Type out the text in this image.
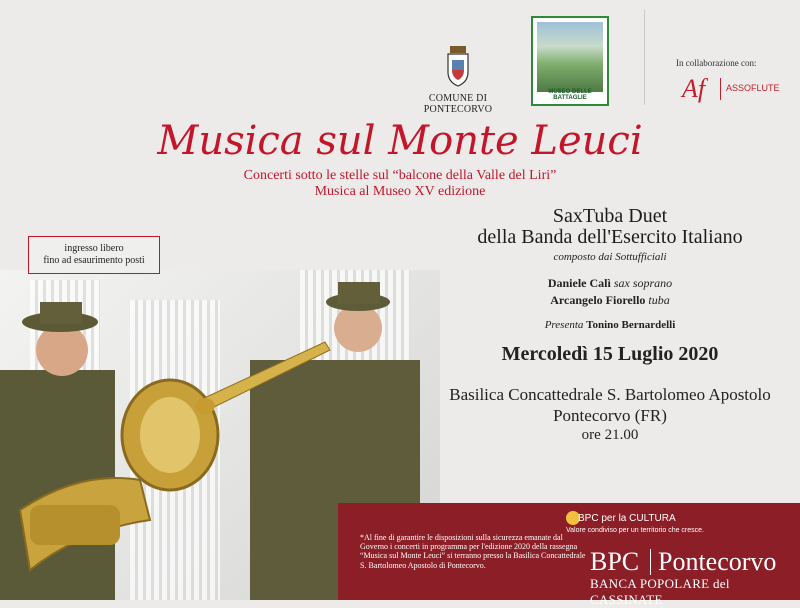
COMUNE DI PONTECORVO
MUSEO DELLE BATTAGLIE
In collaborazione con:
Af ASSOFLUTE
Musica sul Monte Leuci
Concerti sotto le stelle sul “balcone della Valle del Liri”
Musica al Museo XV edizione
ingresso libero
fino ad esaurimento posti
SaxTuba Duet
della Banda dell'Esercito Italiano
composto dai Sottufficiali
Daniele Calì sax soprano
Arcangelo Fiorello tuba
Presenta Tonino Bernardelli
Mercoledì 15 Luglio 2020
Basilica Concattedrale S. Bartolomeo Apostolo
Pontecorvo (FR)
ore 21.00
*Al fine di garantire le disposizioni sulla sicurezza emanate dal Governo i concerti in programma per l'edizione 2020 della rassegna “Musica sul Monte Leuci” si terranno presso la Basilica Concattedrale S. Bartolomeo Apostolo di Pontecorvo.
BPC per la CULTURA
Valore condiviso per un territorio che cresce.
BPC Pontecorvo
BANCA POPOLARE del CASSINATE
